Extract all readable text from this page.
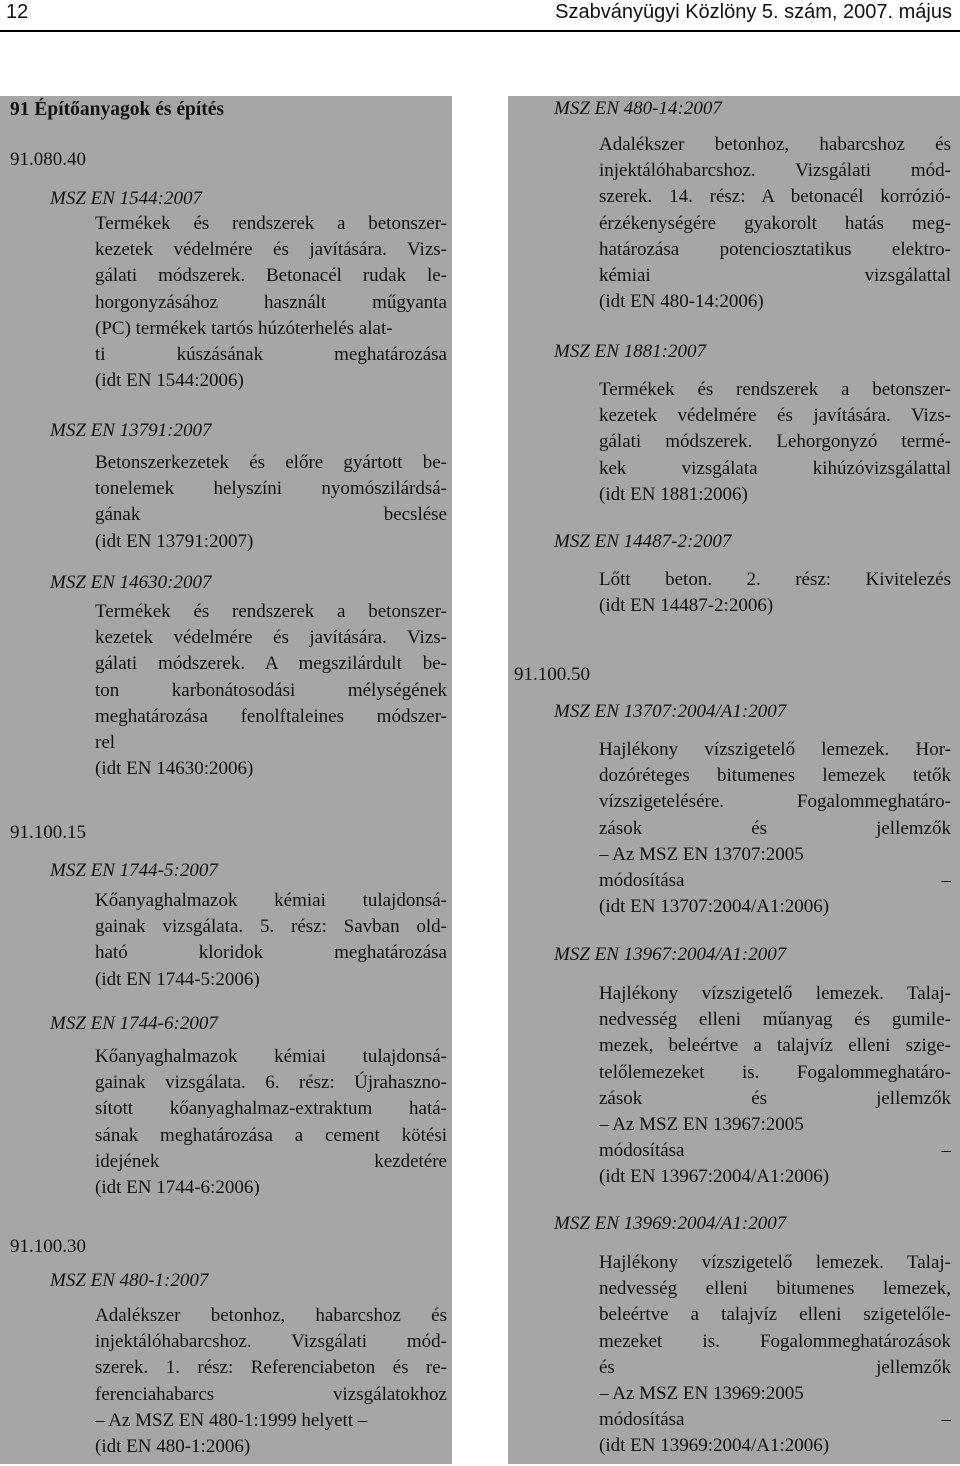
12	Szabványügyi Közlöny 5. szám, 2007. május
91 Építőanyagok és építés
91.080.40
MSZ EN 1544:2007
Termékek és rendszerek a betonszer-
kezetek védelmére és javítására. Vizs-
gálati módszerek. Betonacél rudak le-
horgonyzásához használt műgyanta
(PC) termékek tartós húzóterhelés alat-
ti kúszásának meghatározása
(idt EN 1544:2006)
MSZ EN 13791:2007
Betonszerkezetek és előre gyártott be-
tonelemek helyszíni nyomószilárdsá-
gának becslése
(idt EN 13791:2007)
MSZ EN 14630:2007
Termékek és rendszerek a betonszer-
kezetek védelmére és javítására. Vizs-
gálati módszerek. A megszilárdult be-
ton karbonátosodási mélységének
meghatározása fenolftaleines módszer-
rel
(idt EN 14630:2006)
91.100.15
MSZ EN 1744-5:2007
Kőanyaghalmazok kémiai tulajdonsá-
gainak vizsgálata. 5. rész: Savban old-
ható kloridok meghatározása
(idt EN 1744-5:2006)
MSZ EN 1744-6:2007
Kőanyaghalmazok kémiai tulajdonsá-
gainak vizsgálata. 6. rész: Újrahaszno-
sított kőanyaghalmaz-extraktum hatá-
sának meghatározása a cement kötési
idejének kezdetére
(idt EN 1744-6:2006)
91.100.30
MSZ EN 480-1:2007
Adalékszer betonhoz, habarcshoz és
injektálóhabarcshoz. Vizsgálati mód-
szerek. 1. rész: Referenciabeton és re-
ferenciahabarcs vizsgálatokhoz
– Az MSZ EN 480-1:1999 helyett –
(idt EN 480-1:2006)
MSZ EN 480-14:2007
Adalékszer betonhoz, habarcshoz és
injektálóhabarcshoz. Vizsgálati mód-
szerek. 14. rész: A betonacél korrózió-
érzékenységére gyakorolt hatás meg-
határozása potenciosztatikus elektro-
kémiai vizsgálattal
(idt EN 480-14:2006)
MSZ EN 1881:2007
Termékek és rendszerek a betonszer-
kezetek védelmére és javítására. Vizs-
gálati módszerek. Lehorgonyzó termé-
kek vizsgálata kihúzóvizsgálattal
(idt EN 1881:2006)
MSZ EN 14487-2:2007
Lőtt beton. 2. rész: Kivitelezés
(idt EN 14487-2:2006)
91.100.50
MSZ EN 13707:2004/A1:2007
Hajlékony vízszigetelő lemezek. Hor-
dozóréteges bitumenes lemezek tetők
vízszigetelésére. Fogalommeghatáro-
zások és jellemzők
– Az MSZ EN 13707:2005
módosítása –
(idt EN 13707:2004/A1:2006)
MSZ EN 13967:2004/A1:2007
Hajlékony vízszigetelő lemezek. Talaj-
nedvesség elleni műanyag és gumile-
mezek, beleértve a talajvíz elleni szige-
telőlemezeket is. Fogalommeghatáro-
zások és jellemzők
– Az MSZ EN 13967:2005
módosítása –
(idt EN 13967:2004/A1:2006)
MSZ EN 13969:2004/A1:2007
Hajlékony vízszigetelő lemezek. Talaj-
nedvesség elleni bitumenes lemezek,
beleértve a talajvíz elleni szigetelőle-
mezeket is. Fogalommeghatározások
és jellemzők
– Az MSZ EN 13969:2005
módosítása –
(idt EN 13969:2004/A1:2006)
